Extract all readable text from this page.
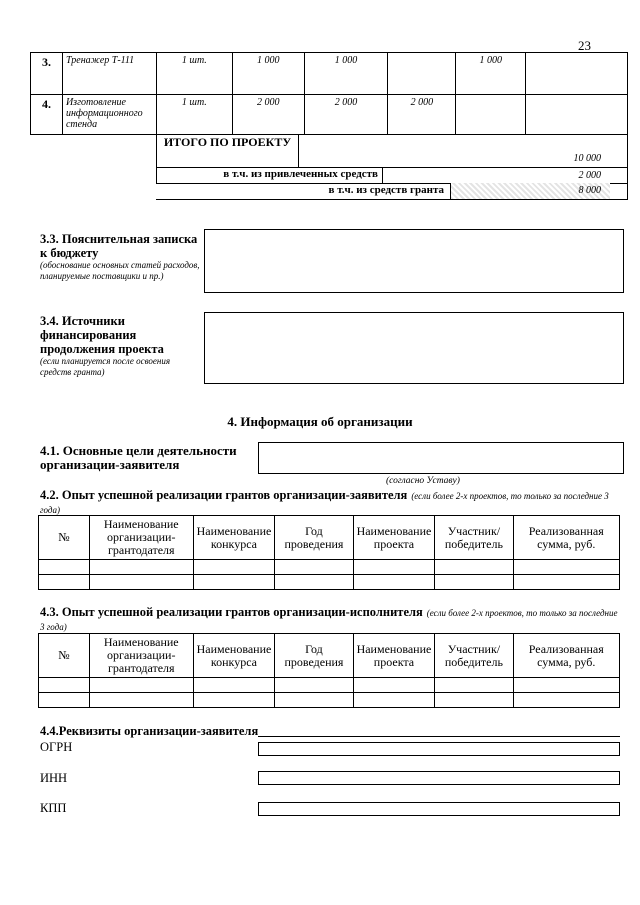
23
3.	Тренажер Т-111	1 шт.	1 000	1 000		1 000	
4.	Изготовление информационного стенда	1 шт.	2 000	2 000	2 000		
ИТОГО ПО ПРОЕКТУ
10 000
в т.ч. из привлеченных средств	2 000
в т.ч. из средств гранта	8 000
3.3. Пояснительная записка к бюджету
(обоснование основных статей расходов, планируемые поставщики и пр.)
3.4. Источники финансирования продолжения проекта
(если планируется после освоения средств гранта)
4. Информация об организации
4.1. Основные цели деятельности организации-заявителя
(согласно Уставу)
4.2. Опыт успешной реализации грантов организации-заявителя (если более 2-х проектов, то только за последние 3 года)
№	Наименование организации-грантодателя	Наименование конкурса	Год проведения	Наименование проекта	Участник/ победитель	Реализованная сумма, руб.

4.3. Опыт успешной реализации грантов организации-исполнителя (если более 2-х проектов, то только за последние 3 года)
№	Наименование организации-грантодателя	Наименование конкурса	Год проведения	Наименование проекта	Участник/ победитель	Реализованная сумма, руб.

4.4.Реквизиты организации-заявителя
ОГРН
ИНН
КПП
